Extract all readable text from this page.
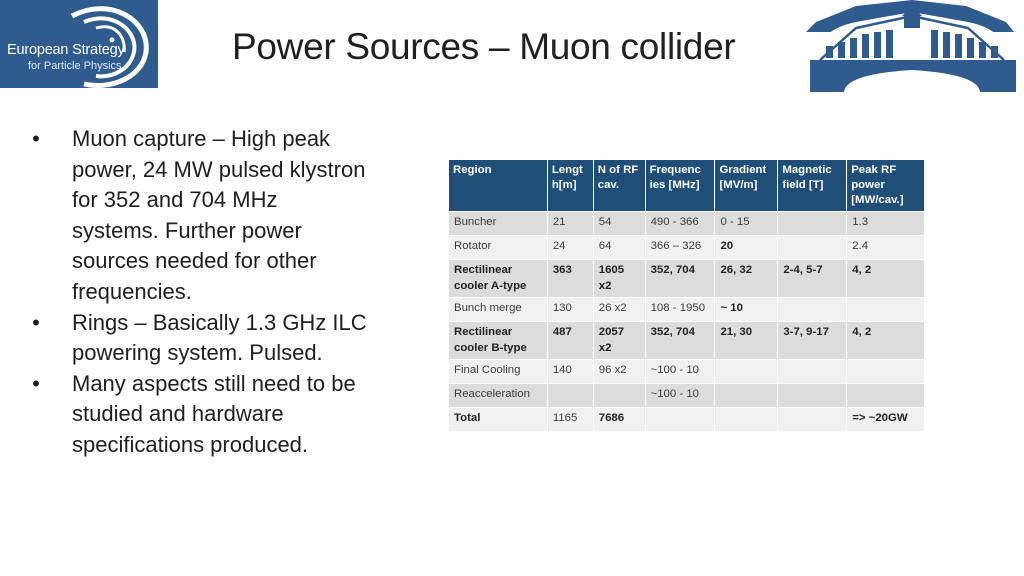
European Strategy
for Particle Physics	Power Sources – Muon collider
• Muon capture – High peak power, 24 MW pulsed klystron for 352 and 704 MHz systems. Further power sources needed for other frequencies.
• Rings – Basically 1.3 GHz ILC powering system. Pulsed.
• Many aspects still need to be studied and hardware specifications produced.
Region	Lengt h[m]	N of RF cav.	Frequenc ies [MHz]	Gradient [MV/m]	Magnetic field [T]	Peak RF power [MW/cav.]
Buncher	21	54	490 - 366	0 - 15		1.3
Rotator	24	64	366 – 326	20		2.4
Rectilinear cooler A-type	363	1605 x2	352, 704	26, 32	2-4, 5-7	4, 2
Bunch merge	130	26 x2	108 - 1950	~ 10		
Rectilinear cooler B-type	487	2057 x2	352, 704	21, 30	3-7, 9-17	4, 2
Final Cooling	140	96 x2	~100 - 10			
Reacceleration			~100 - 10			
Total	1165	7686				=> ~20GW
